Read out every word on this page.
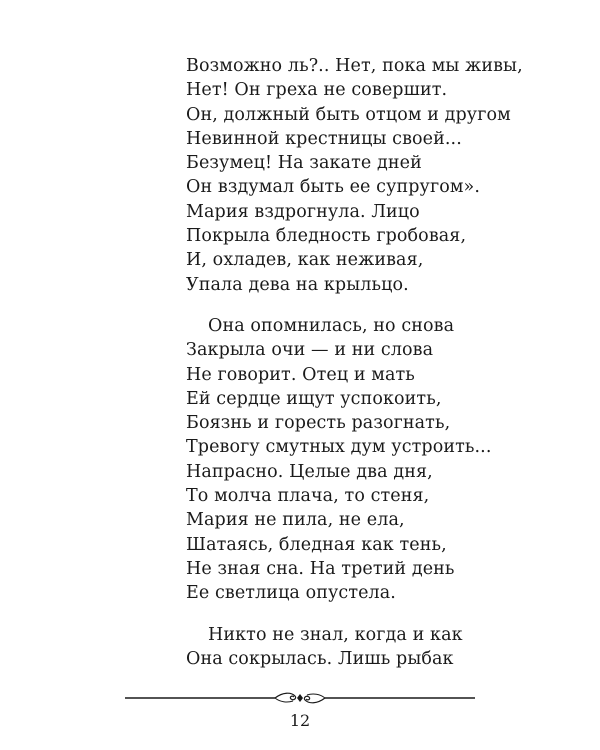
Возможно ль?.. Нет, пока мы живы,
Нет! Он греха не совершит.
Он, должный быть отцом и другом
Невинной крестницы своей...
Безумец! На закате дней
Он вздумал быть ее супругом».
Мария вздрогнула. Лицо
Покрыла бледность гробовая,
И, охладев, как неживая,
Упала дева на крыльцо.
Она опомнилась, но снова
Закрыла очи — и ни слова
Не говорит. Отец и мать
Ей сердце ищут успокоить,
Боязнь и горесть разогнать,
Тревогу смутных дум устроить...
Напрасно. Целые два дня,
То молча плача, то стеня,
Мария не пила, не ела,
Шатаясь, бледная как тень,
Не зная сна. На третий день
Ее светлица опустела.
Никто не знал, когда и как
Она сокрылась. Лишь рыбак
12
